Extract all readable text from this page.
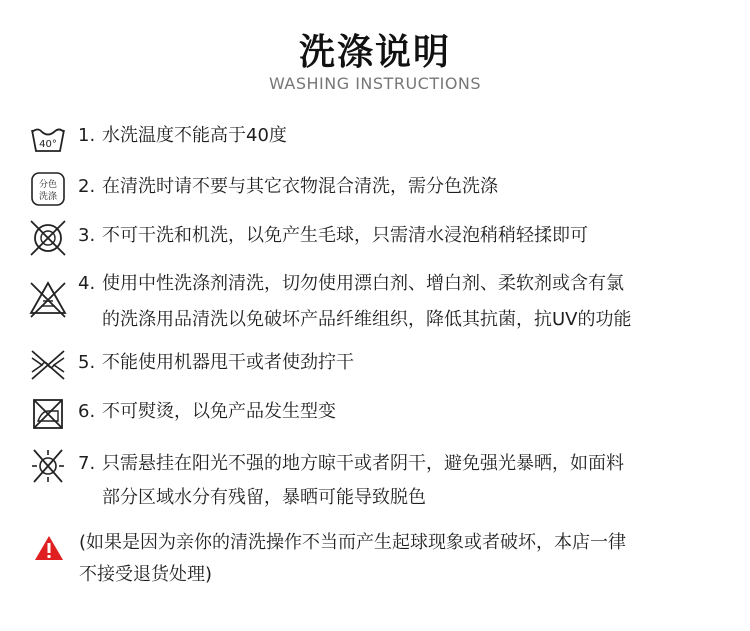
洗涤说明
WASHING INSTRUCTIONS
40° 1. 水洗温度不能高于40度
分色
洗涤 2. 在清洗时请不要与其它衣物混合清洗，需分色洗涤
3. 不可干洗和机洗，以免产生毛球，只需清水浸泡稍稍轻揉即可
4. 使用中性洗涤剂清洗，切勿使用漂白剂、增白剂、柔软剂或含有氯
的洗涤用品清洗以免破坏产品纤维组织，降低其抗菌，抗UV的功能
5. 不能使用机器甩干或者使劲拧干
6. 不可熨烫，以免产品发生型变
7. 只需悬挂在阳光不强的地方晾干或者阴干，避免强光暴晒，如面料
部分区域水分有残留，暴晒可能导致脱色
(如果是因为亲你的清洗操作不当而产生起球现象或者破坏，本店一律
不接受退货处理)
